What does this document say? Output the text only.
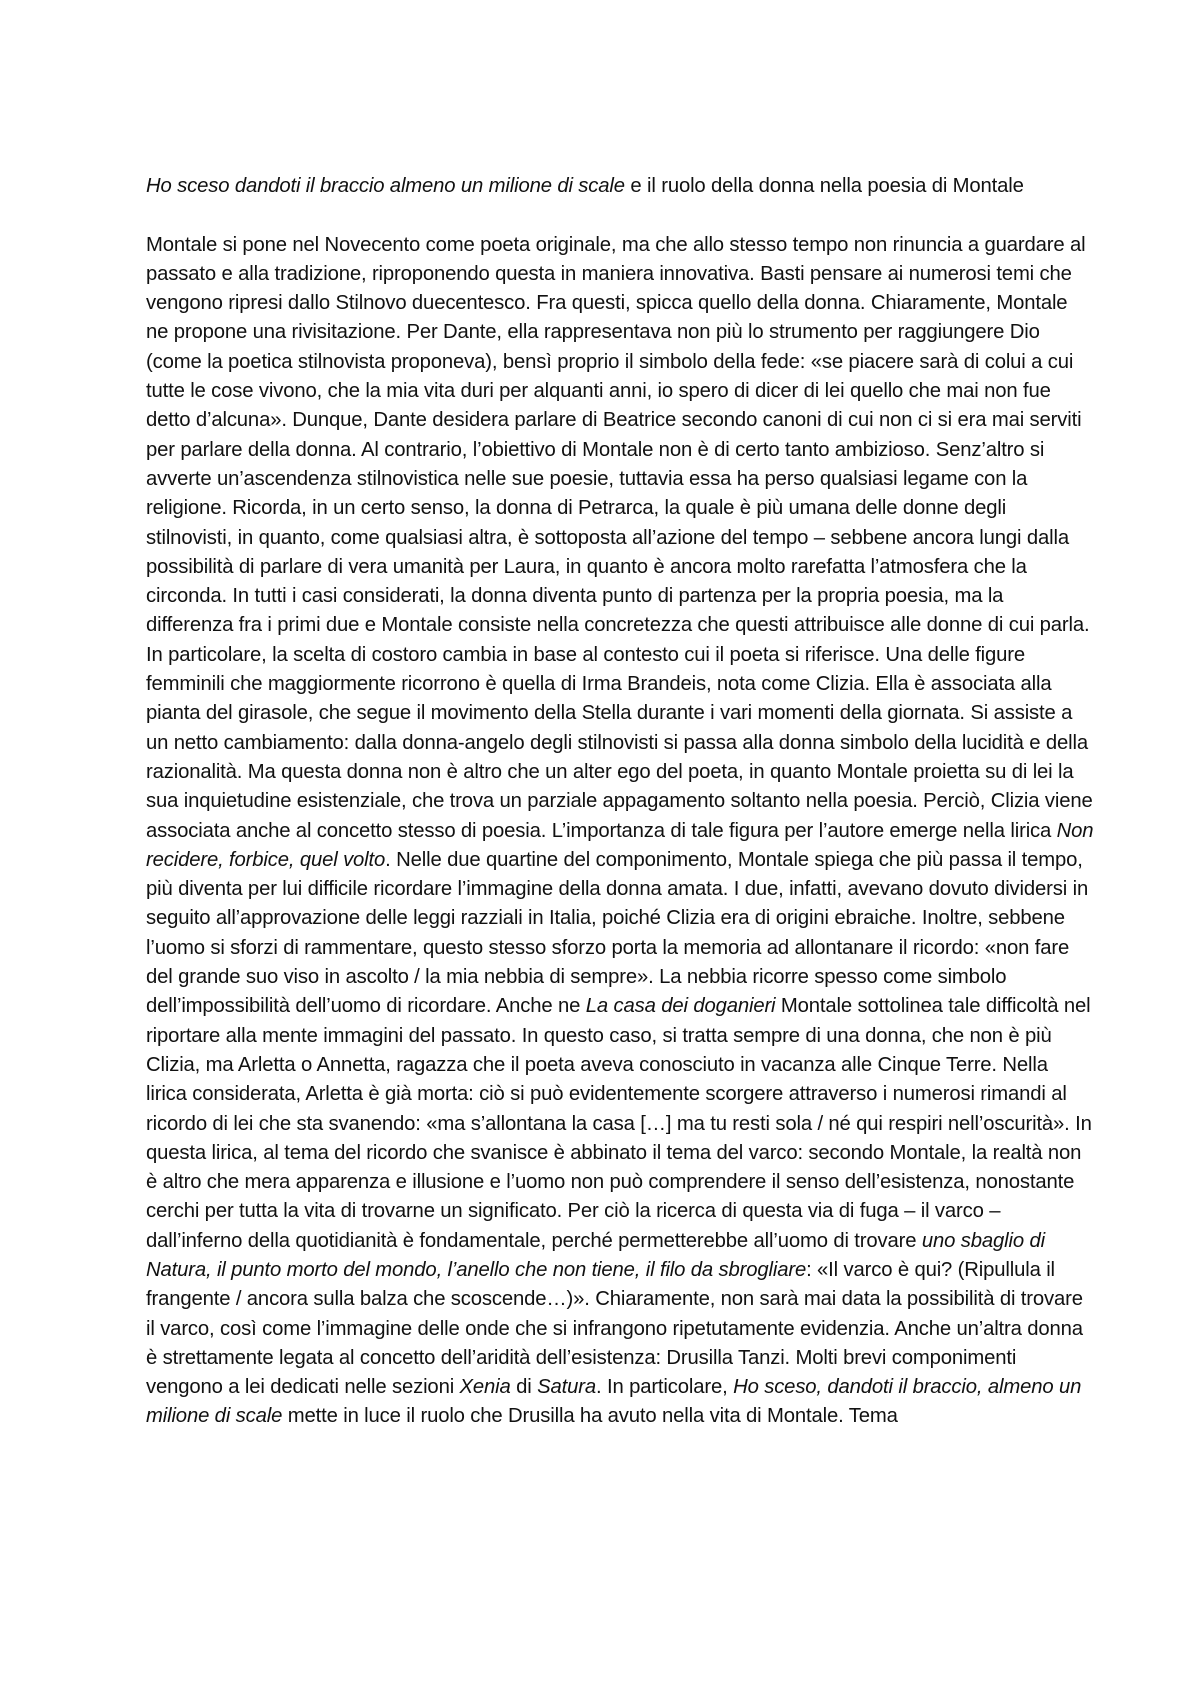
Ho sceso dandoti il braccio almeno un milione di scale e il ruolo della donna nella poesia di Montale

Montale si pone nel Novecento come poeta originale, ma che allo stesso tempo non rinuncia a guardare al passato e alla tradizione, riproponendo questa in maniera innovativa. Basti pensare ai numerosi temi che vengono ripresi dallo Stilnovo duecentesco. Fra questi, spicca quello della donna. Chiaramente, Montale ne propone una rivisitazione. Per Dante, ella rappresentava non più lo strumento per raggiungere Dio (come la poetica stilnovista proponeva), bensì proprio il simbolo della fede: «se piacere sarà di colui a cui tutte le cose vivono, che la mia vita duri per alquanti anni, io spero di dicer di lei quello che mai non fue detto d’alcuna». Dunque, Dante desidera parlare di Beatrice secondo canoni di cui non ci si era mai serviti per parlare della donna. Al contrario, l’obiettivo di Montale non è di certo tanto ambizioso. Senz’altro si avverte un’ascendenza stilnovistica nelle sue poesie, tuttavia essa ha perso qualsiasi legame con la religione. Ricorda, in un certo senso, la donna di Petrarca, la quale è più umana delle donne degli stilnovisti, in quanto, come qualsiasi altra, è sottoposta all’azione del tempo – sebbene ancora lungi dalla possibilità di parlare di vera umanità per Laura, in quanto è ancora molto rarefatta l’atmosfera che la circonda. In tutti i casi considerati, la donna diventa punto di partenza per la propria poesia, ma la differenza fra i primi due e Montale consiste nella concretezza che questi attribuisce alle donne di cui parla. In particolare, la scelta di costoro cambia in base al contesto cui il poeta si riferisce. Una delle figure femminili che maggiormente ricorrono è quella di Irma Brandeis, nota come Clizia. Ella è associata alla pianta del girasole, che segue il movimento della Stella durante i vari momenti della giornata. Si assiste a un netto cambiamento: dalla donna-angelo degli stilnovisti si passa alla donna simbolo della lucidità e della razionalità. Ma questa donna non è altro che un alter ego del poeta, in quanto Montale proietta su di lei la sua inquietudine esistenziale, che trova un parziale appagamento soltanto nella poesia. Perciò, Clizia viene associata anche al concetto stesso di poesia. L’importanza di tale figura per l’autore emerge nella lirica Non recidere, forbice, quel volto. Nelle due quartine del componimento, Montale spiega che più passa il tempo, più diventa per lui difficile ricordare l’immagine della donna amata. I due, infatti, avevano dovuto dividersi in seguito all’approvazione delle leggi razziali in Italia, poiché Clizia era di origini ebraiche. Inoltre, sebbene l’uomo si sforzi di rammentare, questo stesso sforzo porta la memoria ad allontanare il ricordo: «non fare del grande suo viso in ascolto / la mia nebbia di sempre». La nebbia ricorre spesso come simbolo dell’impossibilità dell’uomo di ricordare. Anche ne La casa dei doganieri Montale sottolinea tale difficoltà nel riportare alla mente immagini del passato. In questo caso, si tratta sempre di una donna, che non è più Clizia, ma Arletta o Annetta, ragazza che il poeta aveva conosciuto in vacanza alle Cinque Terre. Nella lirica considerata, Arletta è già morta: ciò si può evidentemente scorgere attraverso i numerosi rimandi al ricordo di lei che sta svanendo: «ma s’allontana la casa […] ma tu resti sola / né qui respiri nell’oscurità». In questa lirica, al tema del ricordo che svanisce è abbinato il tema del varco: secondo Montale, la realtà non è altro che mera apparenza e illusione e l’uomo non può comprendere il senso dell’esistenza, nonostante cerchi per tutta la vita di trovarne un significato. Per ciò la ricerca di questa via di fuga – il varco – dall’inferno della quotidianità è fondamentale, perché permetterebbe all’uomo di trovare uno sbaglio di Natura, il punto morto del mondo, l’anello che non tiene, il filo da sbrogliare: «Il varco è qui? (Ripullula il frangente / ancora sulla balza che scoscende…)». Chiaramente, non sarà mai data la possibilità di trovare il varco, così come l’immagine delle onde che si infrangono ripetutamente evidenzia. Anche un’altra donna è strettamente legata al concetto dell’aridità dell’esistenza: Drusilla Tanzi. Molti brevi componimenti vengono a lei dedicati nelle sezioni Xenia di Satura. In particolare, Ho sceso, dandoti il braccio, almeno un milione di scale mette in luce il ruolo che Drusilla ha avuto nella vita di Montale. Tema
